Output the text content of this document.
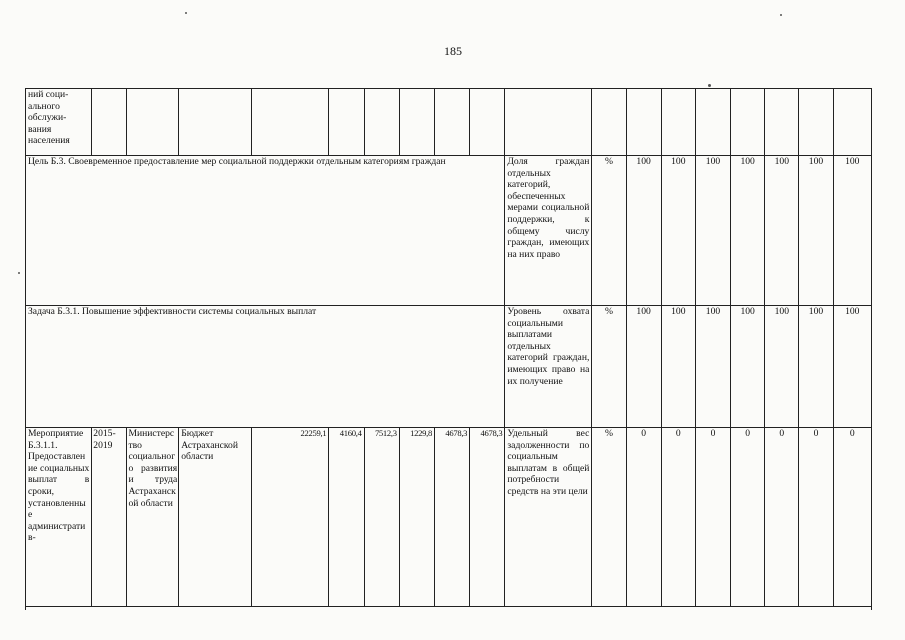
185
ний соци-
ального
обслужи-
вания
населения																		
Цель Б.3. Своевременное предоставление мер социальной поддержки отдельным категориям граждан										Доля граждан отдельных категорий, обеспеченных мерами социальной поддержки, к общему числу граждан, имеющих на них право	%	100	100	100	100	100	100	100
Задача Б.3.1. Повышение эффективности системы социальных выплат										Уровень охвата социальными выплатами отдельных категорий граждан, имеющих право на их получение	%	100	100	100	100	100	100	100
Мероприятие Б.3.1.1. Предоставление социальных выплат в сроки, установленные административ-	2015-2019	Министерство социального развития и труда Астраханской области	Бюджет Астраханской области	22259,1	4160,4	7512,3	1229,8	4678,3	4678,3	Удельный вес задолженности по социальным выплатам в общей потребности средств на эти цели	%	0	0	0	0	0	0	0
